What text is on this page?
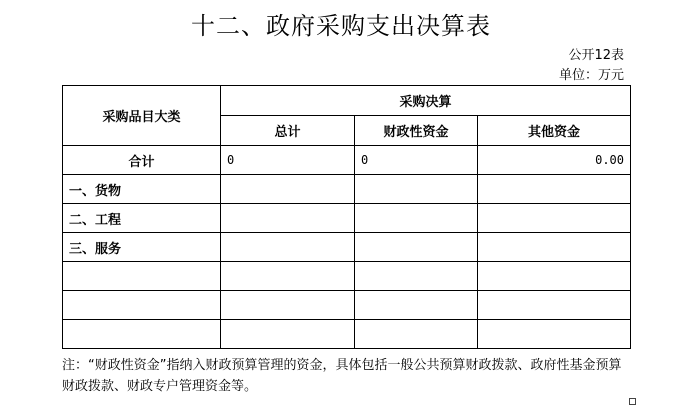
十二、政府采购支出决算表
公开12表
单位：万元
采购品目大类	采购决算		
	总计	财政性资金	其他资金
合计	0	0	0.00
一、货物			
二、工程			
三、服务			

注：“财政性资金”指纳入财政预算管理的资金，具体包括一般公共预算财政拨款、政府性基金预算财政拨款、财政专户管理资金等。
